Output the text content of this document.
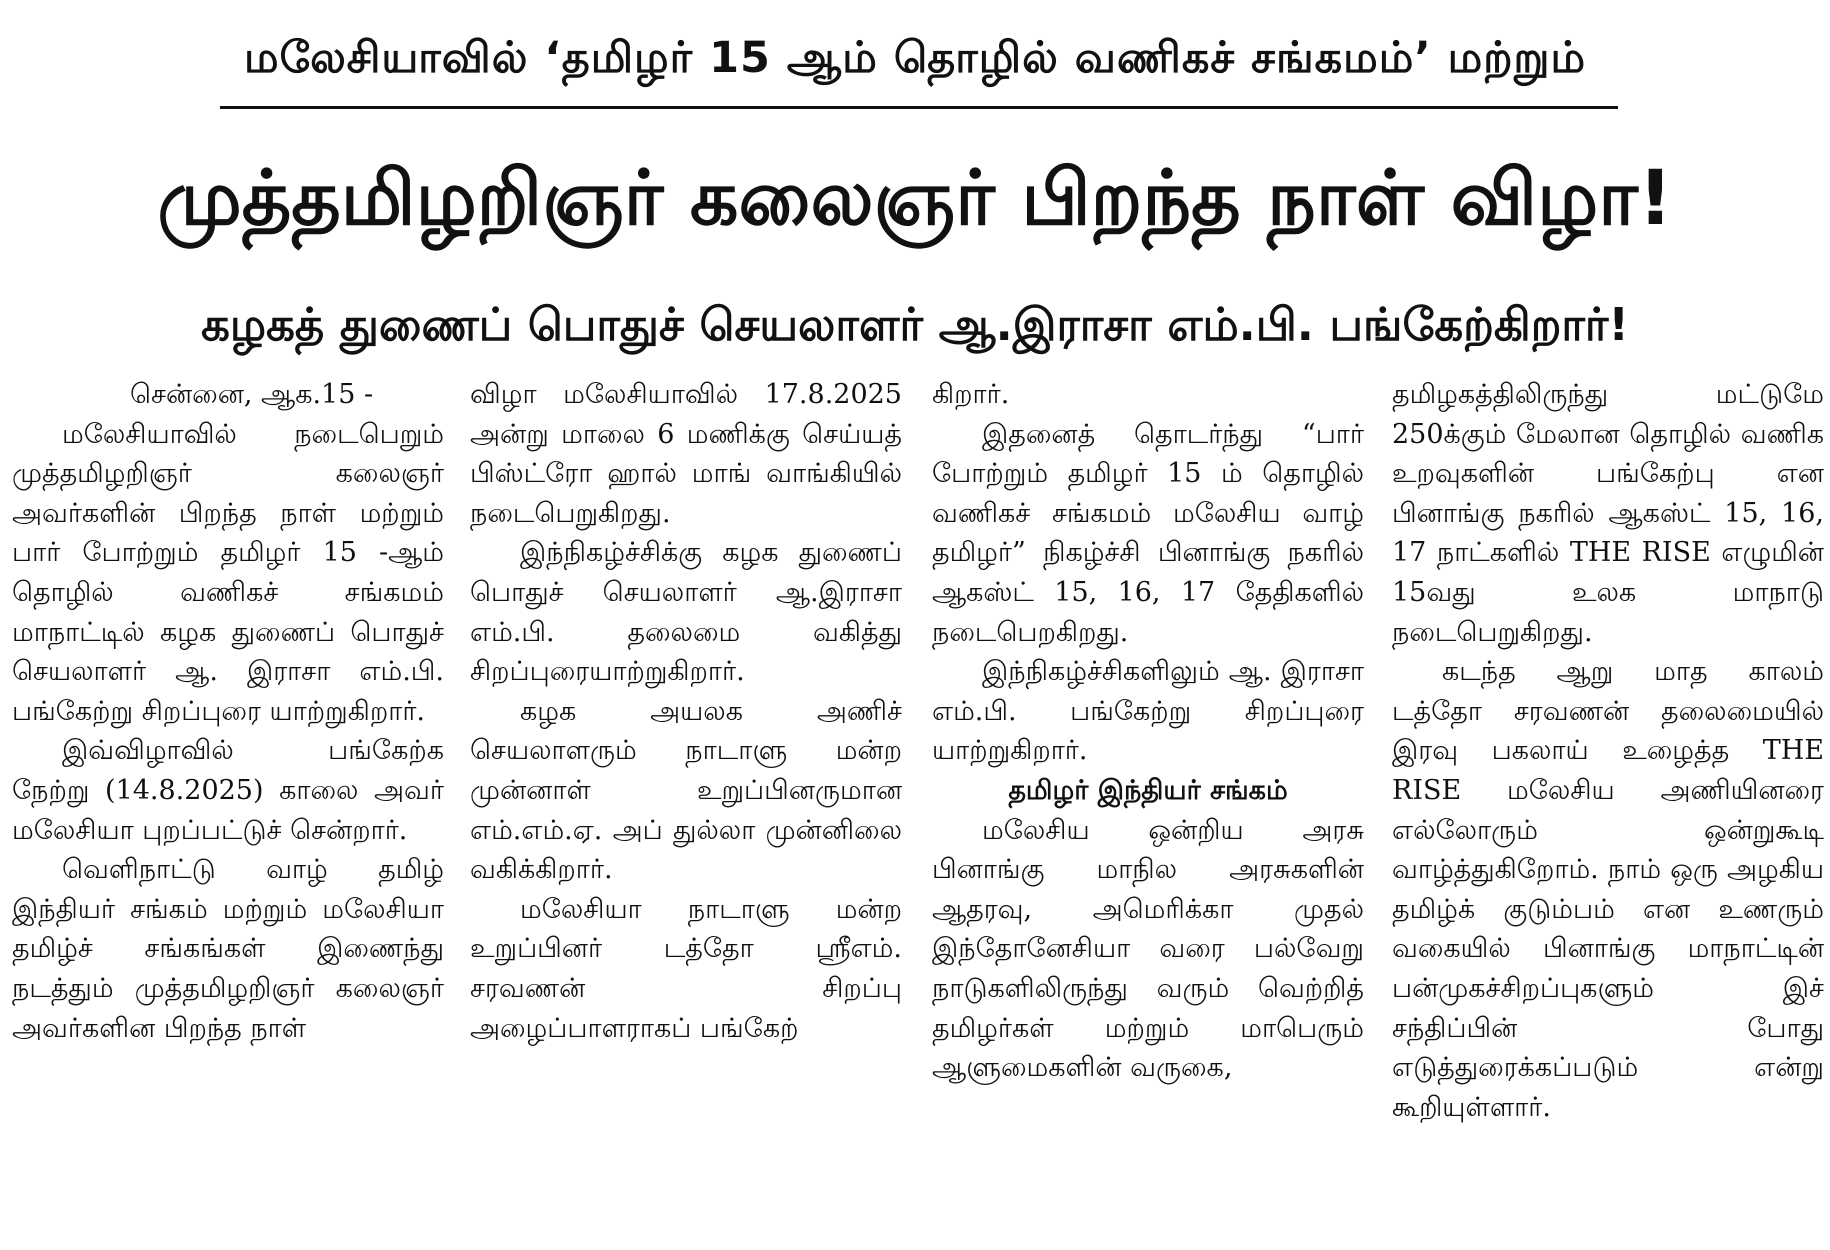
மலேசியாவில் ‘தமிழர் 15 ஆம் தொழில் வணிகச் சங்கமம்’ மற்றும்
முத்தமிழறிஞர் கலைஞர் பிறந்த நாள் விழா!
கழகத் துணைப் பொதுச் செயலாளர் ஆ.இராசா எம்.பி. பங்கேற்கிறார்!

சென்னை, ஆக.15 -

மலேசியாவில் நடைபெறும் முத்தமிழறிஞர் கலைஞர் அவர்களின் பிறந்த நாள் மற்றும் பார் போற்றும் தமிழர் 15 -ஆம் தொழில் வணிகச் சங்கமம் மாநாட்டில் கழக துணைப் பொதுச் செயலாளர் ஆ. இராசா எம்.பி. பங்கேற்று சிறப்புரை யாற்றுகிறார்.

இவ்விழாவில் பங்கேற்க நேற்று (14.8.2025) காலை அவர் மலேசியா புறப்பட்டுச் சென்றார்.

வெளிநாட்டு வாழ் தமிழ் இந்தியர் சங்கம் மற்றும் மலேசியா தமிழ்ச் சங்கங்கள் இணைந்து நடத்தும் முத்தமிழறிஞர் கலைஞர் அவர்களின பிறந்த நாள்

விழா மலேசியாவில் 17.8.2025 அன்று மாலை 6 மணிக்கு செய்யத் பிஸ்ட்ரோ ஹால் மாங் வாங்கியில் நடைபெறுகிறது.

இந்நிகழ்ச்சிக்கு கழக துணைப் பொதுச் செயலாளர் ஆ.இராசா எம்.பி. தலைமை வகித்து சிறப்புரையாற்றுகிறார்.

கழக அயலக அணிச் செயலாளரும் நாடாளு மன்ற முன்னாள் உறுப்பினருமான எம்.எம்.ஏ. அப் துல்லா முன்னிலை வகிக்கிறார்.

மலேசியா நாடாளு மன்ற உறுப்பினர் டத்தோ ஸ்ரீஎம். சரவணன் சிறப்பு அழைப்பாளராகப் பங்கேற்

கிறார்.

இதனைத் தொடர்ந்து “பார் போற்றும் தமிழர் 15 ம் தொழில் வணிகச் சங்கமம் மலேசிய வாழ் தமிழர்” நிகழ்ச்சி பினாங்கு நகரில் ஆகஸ்ட் 15, 16, 17 தேதிகளில் நடைபெறகிறது.

இந்நிகழ்ச்சிகளிலும் ஆ. இராசா எம்.பி. பங்கேற்று சிறப்புரை யாற்றுகிறார்.

தமிழர் இந்தியர் சங்கம்

மலேசிய ஒன்றிய அரசு பினாங்கு மாநில அரசுகளின் ஆதரவு, அமெரிக்கா முதல் இந்தோனேசியா வரை பல்வேறு நாடுகளிலிருந்து வரும் வெற்றித் தமிழர்கள் மற்றும் மாபெரும் ஆளுமைகளின் வருகை,

தமிழகத்திலிருந்து மட்டுமே 250க்கும் மேலான தொழில் வணிக உறவுகளின் பங்கேற்பு என பினாங்கு நகரில் ஆகஸ்ட் 15, 16, 17 நாட்களில் THE RISE எழுமின் 15வது உலக மாநாடு நடைபெறுகிறது.

கடந்த ஆறு மாத காலம் டத்தோ சரவணன் தலைமையில் இரவு பகலாய் உழைத்த THE RISE மலேசிய அணியினரை எல்லோரும் ஒன்றுகூடி வாழ்த்துகிறோம். நாம் ஒரு அழகிய தமிழ்க் குடும்பம் என உணரும் வகையில் பினாங்கு மாநாட்டின் பன்முகச்சிறப்புகளும் இச் சந்திப்பின் போது எடுத்துரைக்கப்படும் என்று கூறியுள்ளார்.
